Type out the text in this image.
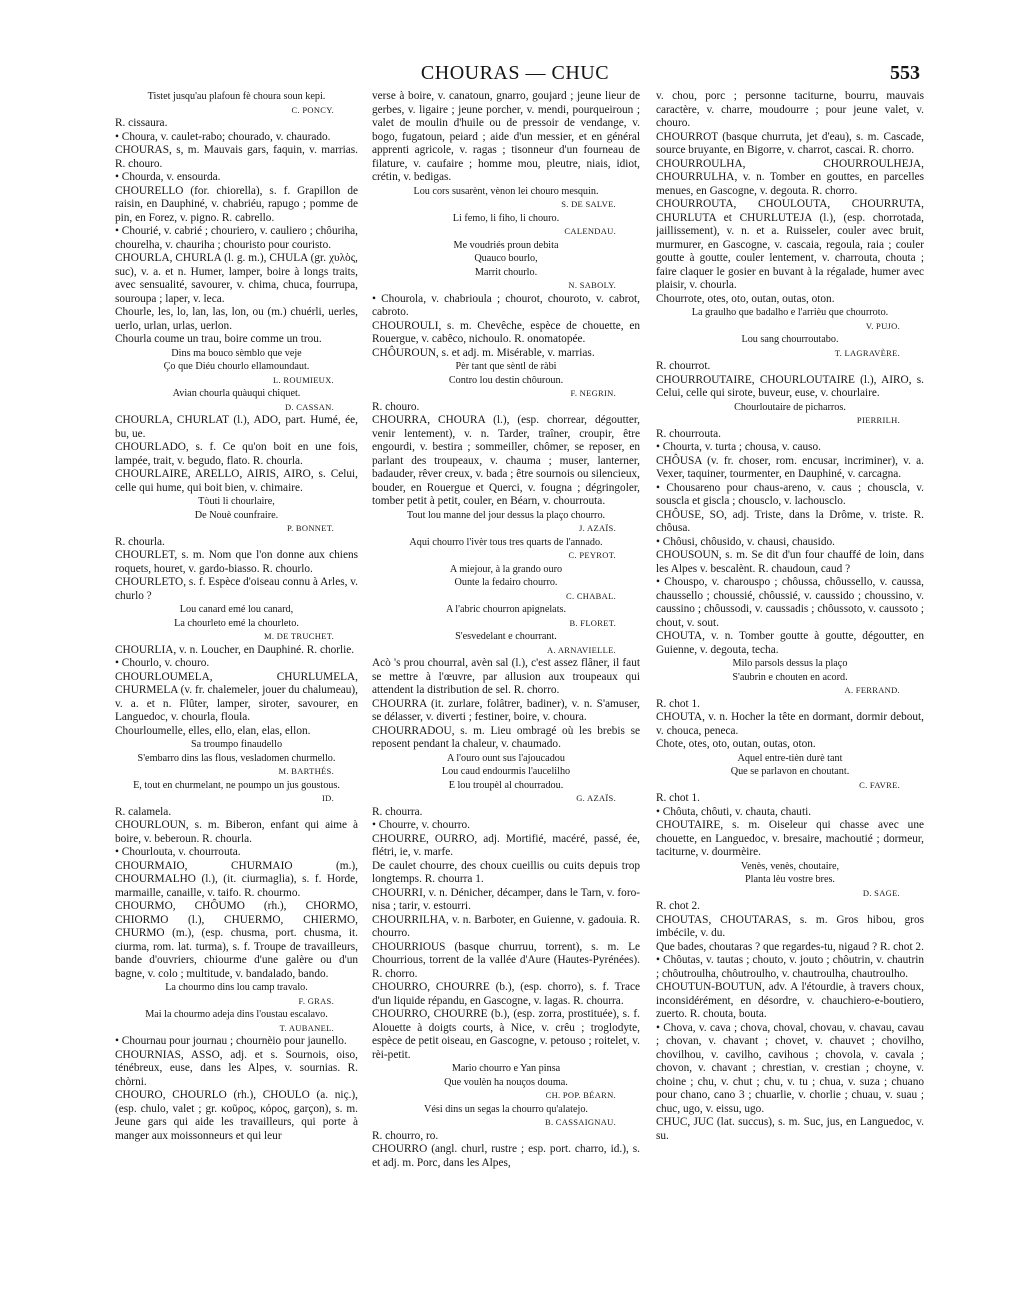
CHOURAS — CHUC	553

Tistet jusqu'au plafoun fè choura soun kepi.

C. PONCY.

R. cissaura.

• Choura, v. caulet-rabo; chourado, v. chaurado.

CHOURAS, s, m. Mauvais gars, faquin, v. marrias. R. chouro.

• Chourda, v. ensourda.

CHOURELLO (for. chiorella), s. f. Grapillon de raisin, en Dauphiné, v. chabriéu, rapugo ; pomme de pin, en Forez, v. pigno. R. cabrello.

• Chourié, v. cabrié ; chouriero, v. cauliero ; chôuriha, chourelha, v. chauriha ; chouristo pour couristo.

CHOURLA, CHURLA (l. g. m.), CHULA (gr. χυλὸς, suc), v. a. et n. Humer, lamper, boire à longs traits, avec sensualité, savourer, v. chima, chuca, fourrupa, souroupa ; laper, v. leca.

Chourle, les, lo, lan, las, lon, ou (m.) chuérli, uerles, uerlo, urlan, urlas, uerlon.

Chourla coume un trau, boire comme un trou.

Dins ma bouco sèmblo que veje

Ço que Diéu chourlo ellamoundaut.

L. ROUMIEUX.

Avian chourla quàuqui chiquet.

D. CASSAN.

CHOURLA, CHURLAT (l.), ADO, part. Humé, ée, bu, ue.

CHOURLADO, s. f. Ce qu'on boit en une fois, lampée, trait, v. begudo, flato. R. chourla.

CHOURLAIRE, ARELLO, AIRIS, AIRO, s. Celui, celle qui hume, qui boit bien, v. chimaire.

Tòuti li chourlaire,

De Nouè counfraire.

P. BONNET.

R. chourla.

CHOURLET, s. m. Nom que l'on donne aux chiens roquets, houret, v. gardo-biasso. R. chourlo.

CHOURLETO, s. f. Espèce d'oiseau connu à Arles, v. churlo ?

Lou canard emé lou canard,

La chourleto emé la chourleto.

M. DE TRUCHET.

CHOURLIA, v. n. Loucher, en Dauphiné. R. chorlie.

• Chourlo, v. chouro.

CHOURLOUMELA, CHURLUMELA, CHURMELA (v. fr. chalemeler, jouer du chalumeau), v. a. et n. Flûter, lamper, siroter, savourer, en Languedoc, v. chourla, floula.

Chourloumelle, elles, ello, elan, elas, ellon.

Sa troumpo finaudello

S'embarro dins las flous, vesladomen churmello.

M. BARTHÉS.

E, tout en churmelant, ne poumpo un jus goustous.

ID.

R. calamela.

CHOURLOUN, s. m. Biberon, enfant qui aime à boire, v. beberoun. R. chourla.

• Chourlouta, v. chourrouta.

CHOURMAIO, CHURMAIO (m.), CHOURMALHO (l.), (it. ciurmaglia), s. f. Horde, marmaille, canaille, v. taifo. R. chourmo.

CHOURMO, CHÔUMO (rh.), CHORMO, CHIORMO (l.), CHUERMO, CHIERMO, CHURMO (m.), (esp. chusma, port. chusma, it. ciurma, rom. lat. turma), s. f. Troupe de travailleurs, bande d'ouvriers, chiourme d'une galère ou d'un bagne, v. colo ; multitude, v. bandalado, bando.

La chourmo dins lou camp travalo.

F. GRAS.

Mai la chourmo adeja dins l'oustau escalavo.

T. AUBANEL.

• Chournau pour journau ; chournèio pour jaunello.

CHOURNIAS, ASSO, adj. et s. Sournois, oiso, ténébreux, euse, dans les Alpes, v. sournias. R. chòrni.

CHOURO, CHOURLO (rh.), CHOULO (a. niç.), (esp. chulo, valet ; gr. κοῦρος, κόρος, garçon), s. m. Jeune gars qui aide les travailleurs, qui porte à manger aux moissonneurs et qui leur

verse à boire, v. canatoun, gnarro, goujard ; jeune lieur de gerbes, v. ligaire ; jeune porcher, v. mendi, pourqueiroun ; valet de moulin d'huile ou de pressoir de vendange, v. bogo, fugatoun, peiard ; aide d'un messier, et en général apprenti agricole, v. ragas ; tisonneur d'un fourneau de filature, v. caufaire ; homme mou, pleutre, niais, idiot, crétin, v. bedigas.

Lou cors susarènt, vènon lei chouro mesquin.

S. DE SALVE.

Li femo, li fiho, li chouro.

CALENDAU.

Me voudriés proun debita

Quauco bourlo,

Marrit chourlo.

N. SABOLY.

• Chourola, v. chabrioula ; chourot, chouroto, v. cabrot, cabroto.

CHOUROULI, s. m. Chevêche, espèce de chouette, en Rouergue, v. cabêco, nichoulo. R. onomatopée.

CHÔUROUN, s. et adj. m. Misérable, v. marrias.

Pèr tant que sèntl de ràbi

Contro lou destin chôuroun.

F. NEGRIN.

R. chouro.

CHOURRA, CHOURA (l.), (esp. chorrear, dégoutter, venir lentement), v. n. Tarder, traîner, croupir, être engourdi, v. bestira ; sommeiller, chômer, se reposer, en parlant des troupeaux, v. chauma ; muser, lanterner, badauder, rêver creux, v. bada ; être sournois ou silencieux, bouder, en Rouergue et Querci, v. fougna ; dégringoler, tomber petit à petit, couler, en Béarn, v. chourrouta.

Tout lou manne del jour dessus la plaço chourro.

J. AZAÏS.

Aqui chourro l'ivèr tous tres quarts de l'annado.

C. PEYROT.

A miejour, à la grando ouro

Ounte la fedairo chourro.

C. CHABAL.

A l'abric chourron apignelats.

B. FLORET.

S'esvedelant e chourrant.

A. ARNAVIELLE.

Acò 's prou chourral, avèn sal (l.), c'est assez flâner, il faut se mettre à l'œuvre, par allusion aux troupeaux qui attendent la distribution de sel. R. chorro.

CHOURRA (it. zurlare, folâtrer, badiner), v. n. S'amuser, se délasser, v. diverti ; festiner, boire, v. choura.

CHOURRADOU, s. m. Lieu ombragé où les brebis se reposent pendant la chaleur, v. chaumado.

A l'ouro ount sus l'ajoucadou

Lou caud endourmis l'aucelilho

E lou troupèl al chourradou.

G. AZAÏS.

R. chourra.

• Chourre, v. chourro.

CHOURRE, OURRO, adj. Mortifié, macéré, passé, ée, flétri, ie, v. marfe.

De caulet chourre, des choux cueillis ou cuits depuis trop longtemps. R. chourra 1.

CHOURRI, v. n. Dénicher, décamper, dans le Tarn, v. foro-nisa ; tarir, v. estourri.

CHOURRILHA, v. n. Barboter, en Guienne, v. gadouia. R. chourro.

CHOURRIOUS (basque churruu, torrent), s. m. Le Chourrious, torrent de la vallée d'Aure (Hautes-Pyrénées). R. chorro.

CHOURRO, CHOURRE (b.), (esp. chorro), s. f. Trace d'un liquide répandu, en Gascogne, v. lagas. R. chourra.

CHOURRO, CHOURRE (b.), (esp. zorra, prostituée), s. f. Alouette à doigts courts, à Nice, v. crêu ; troglodyte, espèce de petit oiseau, en Gascogne, v. petouso ; roitelet, v. rèi-petit.

Mario chourro e Yan pinsa

Que voulèn ha nouços douma.

CH. POP. BÉARN.

Vési dins un segas la chourro qu'alatejo.

B. CASSAIGNAU.

R. chourro, ro.

CHOURRO (angl. churl, rustre ; esp. port. charro, id.), s. et adj. m. Porc, dans les Alpes,

v. chou, porc ; personne taciturne, bourru, mauvais caractère, v. charre, moudourre ; pour jeune valet, v. chouro.

CHOURROT (basque churruta, jet d'eau), s. m. Cascade, source bruyante, en Bigorre, v. charrot, cascai. R. chorro.

CHOURROULHA, CHOURROULHEJA, CHOURRULHA, v. n. Tomber en gouttes, en parcelles menues, en Gascogne, v. degouta. R. chorro.

CHOURROUTA, CHOULOUTA, CHOURRUTA, CHURLUTA et CHURLUTEJA (l.), (esp. chorrotada, jaillissement), v. n. et a. Ruisseler, couler avec bruit, murmurer, en Gascogne, v. cascaia, regoula, raia ; couler goutte à goutte, couler lentement, v. charrouta, chouta ; faire claquer le gosier en buvant à la régalade, humer avec plaisir, v. chourla.

Chourrote, otes, oto, outan, outas, oton.

La graulho que badalho e l'arrièu que chourroto.

V. PUJO.

Lou sang chourroutabo.

T. LAGRAVÈRE.

R. chourrot.

CHOURROUTAIRE, CHOURLOUTAIRE (l.), AIRO, s. Celui, celle qui sirote, buveur, euse, v. chourlaire.

Chourloutaire de picharros.

PIERRILH.

R. chourrouta.

• Chourta, v. turta ; chousa, v. causo.

CHÔUSA (v. fr. choser, rom. encusar, incriminer), v. a. Vexer, taquiner, tourmenter, en Dauphiné, v. carcagna.

• Chousareno pour chaus-areno, v. caus ; chouscla, v. souscla et giscla ; chousclo, v. lachousclo.

CHÔUSE, SO, adj. Triste, dans la Drôme, v. triste. R. chôusa.

• Chôusi, chôusido, v. chausi, chausido.

CHOUSOUN, s. m. Se dit d'un four chauffé de loin, dans les Alpes v. bescalènt. R. chaudoun, caud ?

• Chouspo, v. charouspo ; chôussa, chôussello, v. caussa, chaussello ; choussié, chôussié, v. caussido ; choussino, v. caussino ; chôussodi, v. caussadis ; chôussoto, v. caussoto ; chout, v. sout.

CHOUTA, v. n. Tomber goutte à goutte, dégoutter, en Guienne, v. degouta, techa.

Milo parsols dessus la plaço

S'aubrin e chouten en acord.

A. FERRAND.

R. chot 1.

CHOUTA, v. n. Hocher la tête en dormant, dormir debout, v. chouca, peneca.

Chote, otes, oto, outan, outas, oton.

Aquel entre-tièn durè tant

Que se parlavon en choutant.

C. FAVRE.

R. chot 1.

• Chôuta, chôuti, v. chauta, chauti.

CHOUTAIRE, s. m. Oiseleur qui chasse avec une chouette, en Languedoc, v. bresaire, machoutié ; dormeur, taciturne, v. dourmèire.

Venès, venès, choutaire,

Planta lèu vostre bres.

D. SAGE.

R. chot 2.

CHOUTAS, CHOUTARAS, s. m. Gros hibou, gros imbécile, v. du.

Que bades, choutaras ? que regardes-tu, nigaud ? R. chot 2.

• Chôutas, v. tautas ; chouto, v. jouto ; chôutrin, v. chautrin ; chôutroulha, chôutroulho, v. chautroulha, chautroulho.

CHOUTUN-BOUTUN, adv. A l'étourdie, à travers choux, inconsidérément, en désordre, v. chauchiero-e-boutiero, zuerto. R. chouta, bouta.

• Chova, v. cava ; chova, choval, chovau, v. chavau, cavau ; chovan, v. chavant ; chovet, v. chauvet ; chovilho, chovilhou, v. cavilho, cavihous ; chovola, v. cavala ; chovon, v. chavant ; chrestian, v. crestian ; choyne, v. choine ; chu, v. chut ; chu, v. tu ; chua, v. suza ; chuano pour chano, cano 3 ; chuarlie, v. chorlie ; chuau, v. suau ; chuc, ugo, v. eissu, ugo.

CHUC, JUC (lat. succus), s. m. Suc, jus, en Languedoc, v. su.
